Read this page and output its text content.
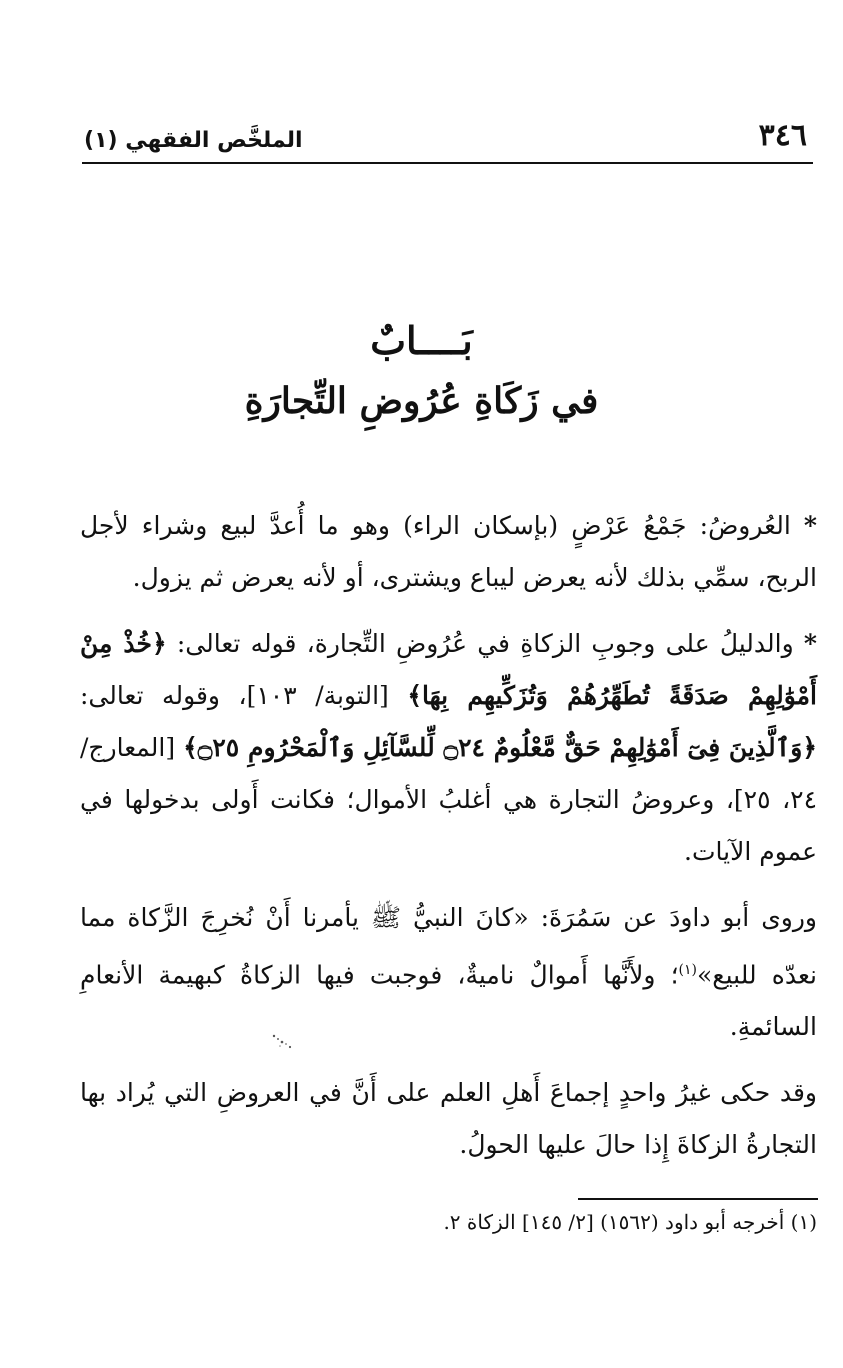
٣٤٦
الملخَّص الفقهي (١)
بَــــابٌ
في زَكَاةِ عُرُوضِ التِّجارَةِ

* العُروضُ: جَمْعُ عَرْضٍ (بإسكان الراء) وهو ما أُعدَّ لبيع وشراء لأجل الربح، سمِّي بذلك لأنه يعرض ليباع ويشترى، أو لأنه يعرض ثم يزول.

* والدليلُ على وجوبِ الزكاةِ في عُرُوضِ التِّجارة، قوله تعالى: ﴿خُذْ مِنْ أَمْوَٰلِهِمْ صَدَقَةً تُطَهِّرُهُمْ وَتُزَكِّيهِم بِهَا﴾ [التوبة/ ١٠٣]، وقوله تعالى: ﴿وَٱلَّذِينَ فِىٓ أَمْوَٰلِهِمْ حَقٌّ مَّعْلُومٌ ۝٢٤ لِّلسَّآئِلِ وَٱلْمَحْرُومِ ۝٢٥﴾ [المعارج/ ٢٤، ٢٥]، وعروضُ التجارة هي أغلبُ الأموال؛ فكانت أَولى بدخولها في عموم الآيات.

وروى أبو داودَ عن سَمُرَةَ: «كانَ النبيُّ ﷺ يأمرنا أَنْ نُخرِجَ الزَّكاة مما نعدّه للبيع»$^{(١)}$؛ ولأَنَّها أَموالٌ ناميةٌ، فوجبت فيها الزكاةُ كبهيمة الأنعامِ السائمةِ.

وقد حكى غيرُ واحدٍ إجماعَ أَهلِ العلم على أَنَّ في العروضِ التي يُراد بها التجارةُ الزكاةَ إِذا حالَ عليها الحولُ.

(١) أخرجه أبو داود (١٥٦٢) [٢/ ١٤٥] الزكاة ٢.
